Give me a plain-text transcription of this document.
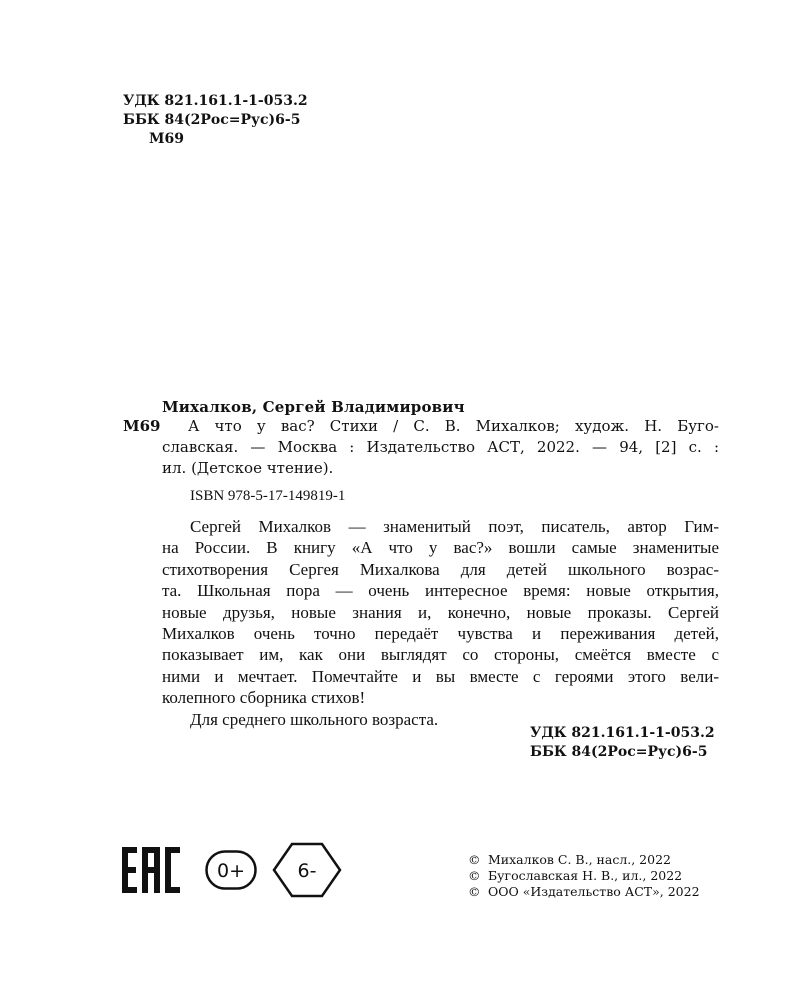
УДК 821.161.1-1-053.2
ББК 84(2Рос=Рус)6-5
М69
Михалков, Сергей Владимирович
М69	А что у вас? Стихи / С. В. Михалков; худож. Н. Буго-
славская. — Москва : Издательство АСТ, 2022. — 94, [2] с. :
ил. (Детское чтение).
ISBN 978-5-17-149819-1
Сергей Михалков — знаменитый поэт, писатель, автор Гим-
на России. В книгу «А что у вас?» вошли самые знаменитые
стихотворения Сергея Михалкова для детей школьного возрас-
та. Школьная пора — очень интересное время: новые открытия,
новые друзья, новые знания и, конечно, новые проказы. Сергей
Михалков очень точно передаёт чувства и переживания детей,
показывает им, как они выглядят со стороны, смеётся вместе с
ними и мечтает. Помечтайте и вы вместе с героями этого вели-
колепного сборника стихов!
Для среднего школьного возраста.
УДК 821.161.1-1-053.2
ББК 84(2Рос=Рус)6-5
0+	6-
© Михалков С. В., насл., 2022
© Бугославская Н. В., ил., 2022
© ООО «Издательство АСТ», 2022
